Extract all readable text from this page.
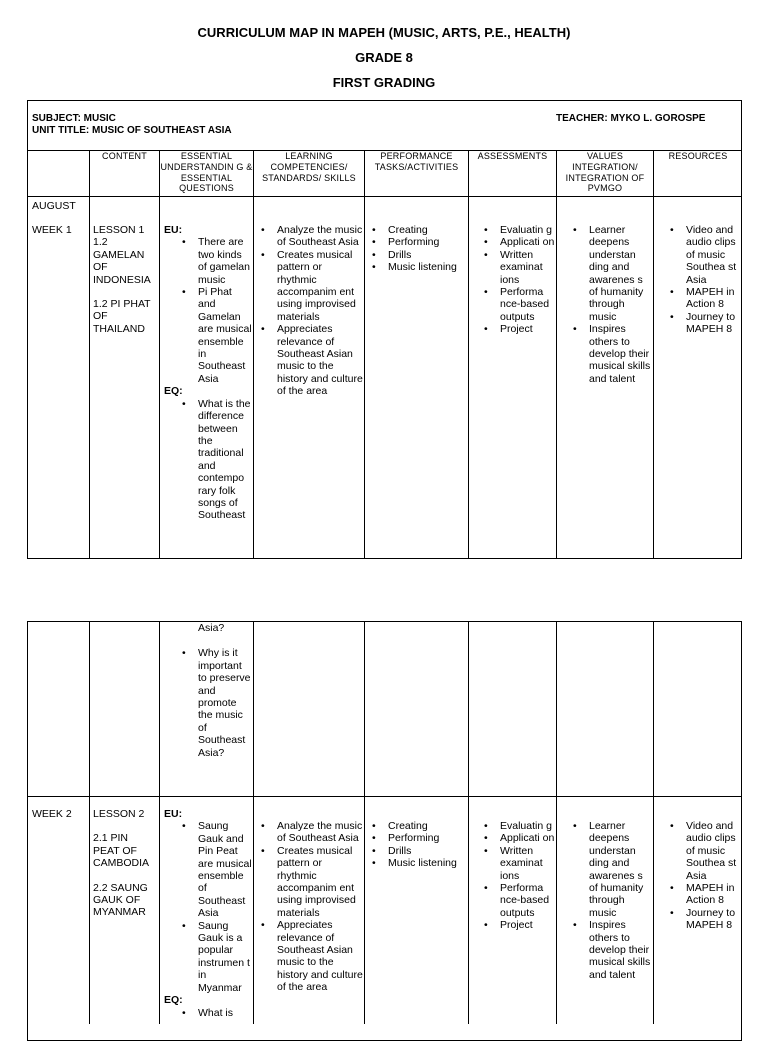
CURRICULUM MAP IN MAPEH (MUSIC, ARTS, P.E., HEALTH)
GRADE 8
FIRST GRADING
SUBJECT: MUSIC
UNIT TITLE: MUSIC OF SOUTHEAST ASIA
TEACHER: MYKO L. GOROSPE
CONTENT	ESSENTIAL UNDERSTANDIN G & ESSENTIAL QUESTIONS
LEARNING COMPETENCIES/ STANDARDS/ SKILLS
PERFORMANCE TASKS/ACTIVITIES
ASSESSMENTS	VALUES INTEGRATION/ INTEGRATION OF PVMGO
RESOURCES
AUGUST
WEEK 1 LESSON 1
1.2 GAMELAN OF INDONESIA
1.2 PI PHAT OF THAILAND
EU:
• There are two kinds of gamelan music
• Pi Phat and Gamelan are musical ensemble in Southeast Asia
EQ:
• What is the difference between the traditional and contempo rary folk songs of Southeast
• Analyze the music of Southeast Asia
• Creates musical pattern or rhythmic accompanim ent using improvised materials
• Appreciates relevance of Southeast Asian music to the history and culture of the area
• Creating
• Performing
• Drills
• Music listening
• Evaluatin g
• Applicati on
• Written examinat ions
• Performa nce-based outputs
• Project
• Learner deepens understan ding and awarenes s of humanity through music
• Inspires others to develop their musical skills and talent
• Video and audio clips of music Southea st Asia
• MAPEH in Action 8
• Journey to MAPEH 8
Asia?
• Why is it important to preserve and promote the music of Southeast Asia?
WEEK 2 LESSON 2
2.1 PIN PEAT OF CAMBODIA
2.2 SAUNG GAUK OF MYANMAR
EU:
• Saung Gauk and Pin Peat are musical ensemble of Southeast Asia
• Saung Gauk is a popular instrumen t in Myanmar
EQ:
• What is
• Analyze the music of Southeast Asia
• Creates musical pattern or rhythmic accompanim ent using improvised materials
• Appreciates relevance of Southeast Asian music to the history and culture of the area
• Creating
• Performing
• Drills
• Music listening
• Evaluatin g
• Applicati on
• Written examinat ions
• Performa nce-based outputs
• Project
• Learner deepens understan ding and awarenes s of humanity through music
• Inspires others to develop their musical skills and talent
• Video and audio clips of music Southea st Asia
• MAPEH in Action 8
• Journey to MAPEH 8
